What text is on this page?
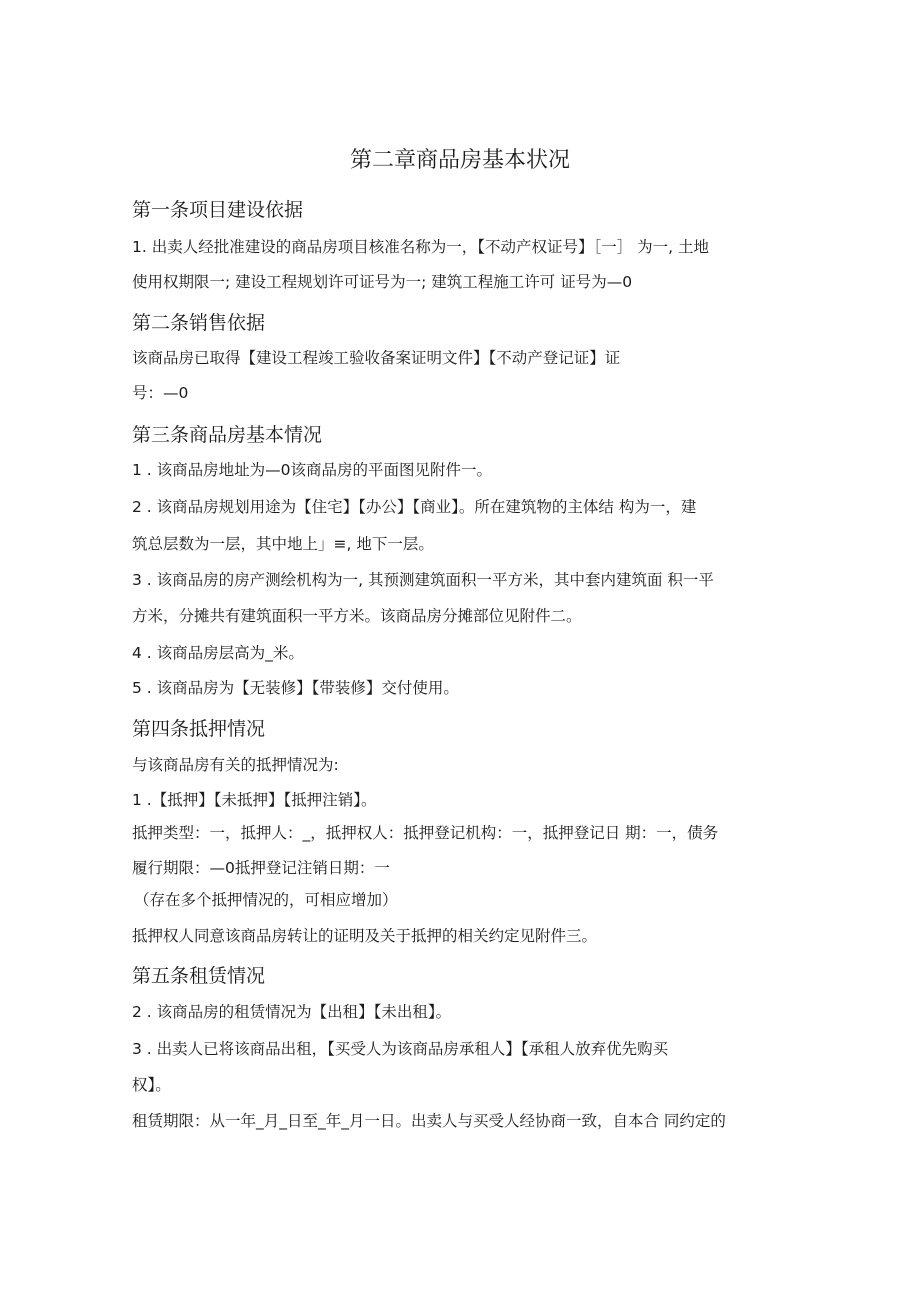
第二章商品房基本状况
第一条项目建设依据
1. 出卖人经批准建设的商品房项目核准名称为一，【不动产权证号】［一］ 为一, 土地
使用权期限一; 建设工程规划许可证号为一; 建筑工程施工许可 证号为—0
第二条销售依据
该商品房已取得【建设工程竣工验收备案证明文件】【不动产登记证】证
号：—0
第三条商品房基本情况
1 . 该商品房地址为—0该商品房的平面图见附件一。
2 . 该商品房规划用途为【住宅】【办公】【商业】。所在建筑物的主体结 构为一，建
筑总层数为一层，其中地上」≡, 地下一层。
3 . 该商品房的房产测绘机构为一, 其预测建筑面积一平方米，其中套内建筑面 积一平
方米，分摊共有建筑面积一平方米。该商品房分摊部位见附件二。
4 . 该商品房层高为_米。
5 . 该商品房为【无装修】【带装修】交付使用。
第四条抵押情况
与该商品房有关的抵押情况为:
1 .【抵押】【未抵押】【抵押注销】。
抵押类型：一，抵押人：_，抵押权人：抵押登记机构：一，抵押登记日 期：一，债务
履行期限：—0抵押登记注销日期：一
（存在多个抵押情况的，可相应增加）
抵押权人同意该商品房转让的证明及关于抵押的相关约定见附件三。
第五条租赁情况
2 . 该商品房的租赁情况为【出租】【未出租】。
3 . 出卖人已将该商品出租，【买受人为该商品房承租人】【承租人放弃优先购买
权】。
租赁期限：从一年_月_日至_年_月一日。出卖人与买受人经协商一致，自本合 同约定的
